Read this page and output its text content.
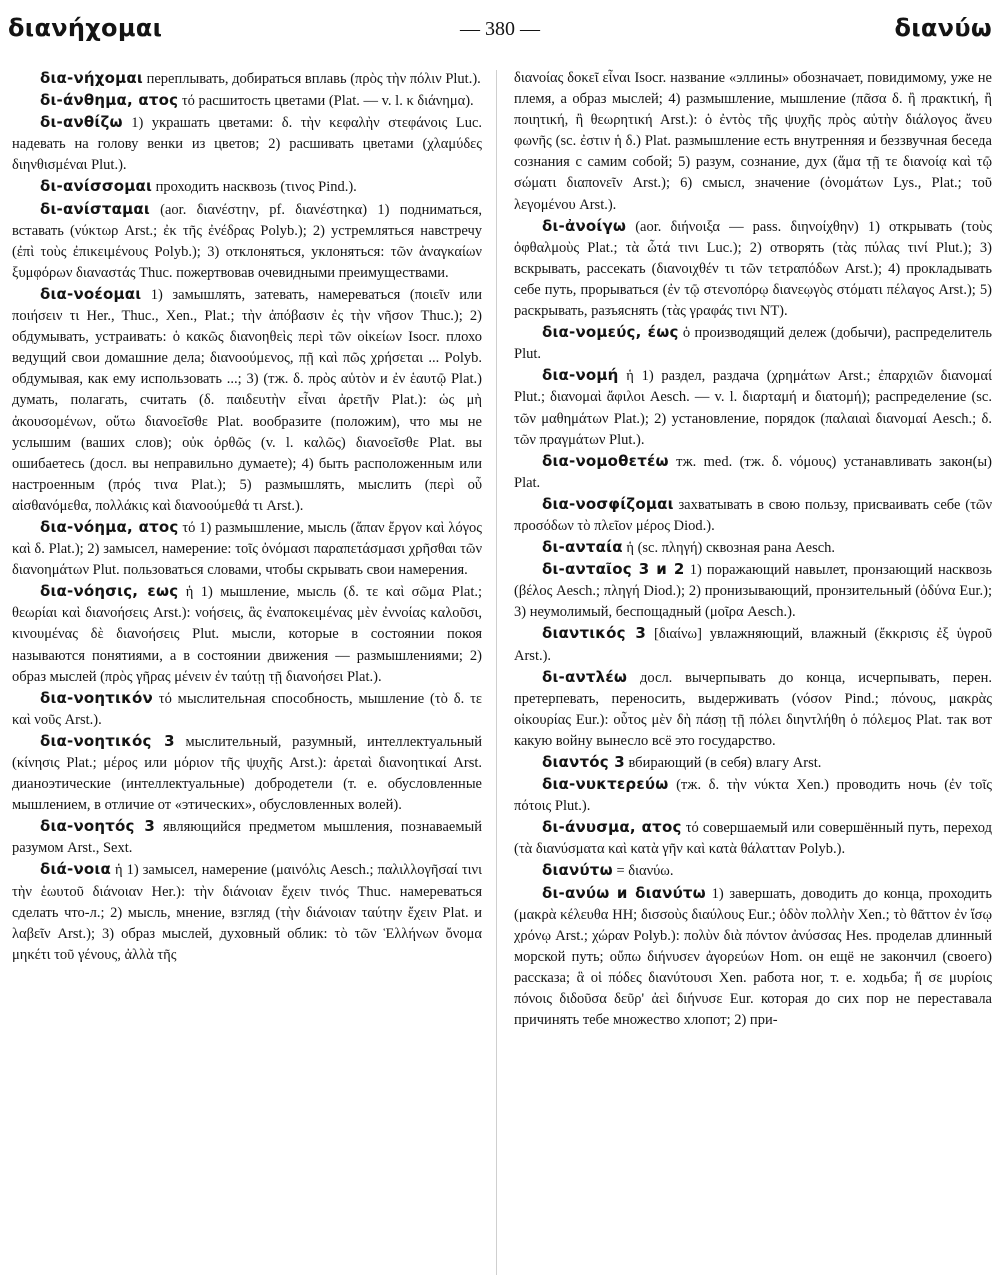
διανήχομαι	— 380 —	διανύω

δια-νήχομαι переплывать, добираться вплавь (πρὸς τὴν πόλιν Plut.).

δι-άνθημα, ατος τό расшитость цветами (Plat. — v. l. κ διάνημα).

δι-ανθίζω 1) украшать цветами: δ. τὴν κεφαλὴν στεφάνοις Luc. надевать на голову венки из цветов; 2) расшивать цветами (χλαμύδες διηνθισμέναι Plut.).

δι-ανίσσομαι проходить насквозь (τινος Pind.).

δι-ανίσταμαι (aor. διανέστην, pf. διανέστηκα) 1) подниматься, вставать (νύκτωρ Arst.; ἐκ τῆς ἐνέδρας Polyb.); 2) устремляться навстречу (ἐπὶ τοὺς ἐπικειμένους Polyb.); 3) отклоняться, уклоняться: τῶν ἀναγκαίων ξυμφόρων διαναστάς Thuc. пожертвовав очевидными преимуществами.

δια-νοέομαι 1) замышлять, затевать, намереваться (ποιεῖν или ποιήσειν τι Her., Thuc., Xen., Plat.; τὴν ἀπόβασιν ἐς τὴν νῆσον Thuc.); 2) обдумывать, устраивать: ὁ κακῶς διανοηθεὶς περὶ τῶν οἰκείων Isocr. плохо ведущий свои домашние дела; διανοούμενος, πῇ καὶ πῶς χρήσεται ... Polyb. обдумывая, как ему использовать ...; 3) (тж. δ. πρὸς αὑτὸν и ἐν ἑαυτῷ Plat.) думать, полагать, считать (δ. παιδευτὴν εἶναι ἀρετῆν Plat.): ὡς μὴ ἀκουσομένων, οὕτω διανοεῖσθε Plat. вообразите (положим), что мы не услышим (ваших слов); οὐκ ὀρθῶς (v. l. καλῶς) διανοεῖσθε Plat. вы ошибаетесь (досл. вы неправильно думаете); 4) быть расположенным или настроенным (πρός τινα Plat.); 5) размышлять, мыслить (περὶ οὗ αἰσθανόμεθα, πολλάκις καὶ διανοούμεθά τι Arst.).

δια-νόημα, ατος τό 1) размышление, мысль (ἅπαν ἔργον καὶ λόγος καὶ δ. Plat.); 2) замысел, намерение: τοῖς ὀνόμασι παραπετάσμασι χρῆσθαι τῶν διανοημάτων Plut. пользоваться словами, чтобы скрывать свои намерения.

δια-νόησις, εως ἡ 1) мышление, мысль (δ. τε καὶ σῶμα Plat.; θεωρίαι καὶ διανοήσεις Arst.): νοήσεις, ἃς ἐναποκειμένας μὲν ἐννοίας καλοῦσι, κινουμένας δὲ διανοήσεις Plut. мысли, которые в состоянии покоя называются понятиями, а в состоянии движения — размышлениями; 2) образ мыслей (πρὸς γῆρας μένειν ἐν ταύτῃ τῇ διανοήσει Plat.).

δια-νοητικόν τό мыслительная способность, мышление (τὸ δ. τε καὶ νοῦς Arst.).

δια-νοητικός 3 мыслительный, разумный, интеллектуальный (κίνησις Plat.; μέρος или μόριον τῆς ψυχῆς Arst.): ἀρεταὶ διανοητικαί Arst. дианоэтические (интеллектуальные) добродетели (т. е. обусловленные мышлением, в отличие от «этических», обусловленных волей).

δια-νοητός 3 являющийся предметом мышления, познаваемый разумом Arst., Sext.

διά-νοια ἡ 1) замысел, намерение (μαινόλις Aesch.; παλιλλογῆσαί τινι τὴν ἑωυτοῦ διάνοιαν Her.): τὴν διάνοιαν ἔχειν τινός Thuc. намереваться сделать что-л.; 2) мысль, мнение, взгляд (τὴν διάνοιαν ταύτην ἔχειν Plat. и λαβεῖν Arst.); 3) образ мыслей, духовный облик: τὸ τῶν Ἑλλήνων ὄνομα μηκέτι τοῦ γένους, ἀλλὰ τῆς

διανοίας δοκεῖ εἶναι Isocr. название «эллины» обозначает, повидимому, уже не племя, а образ мыслей; 4) размышление, мышление (πᾶσα δ. ἢ πρακτική, ἢ ποιητική, ἢ θεωρητική Arst.): ὁ ἐντὸς τῆς ψυχῆς πρὸς αὑτὴν διάλογος ἄνευ φωνῆς (sc. ἐστιν ἡ δ.) Plat. размышление есть внутренняя и беззвучная беседа сознания с самим собой; 5) разум, сознание, дух (ἅμα τῇ τε διανοίᾳ καὶ τῷ σώματι διαπονεῖν Arst.); 6) смысл, значение (ὀνομάτων Lys., Plat.; τοῦ λεγομένου Arst.).

δι-ἀνοίγω (aor. διήνοιξα — pass. διηνοίχθην) 1) открывать (τοὺς ὀφθαλμοὺς Plat.; τὰ ὦτά τινι Luc.); 2) отворять (τὰς πύλας τινί Plut.); 3) вскрывать, рассекать (διανοιχθέν τι τῶν τετραπόδων Arst.); 4) прокладывать себе путь, прорываться (ἐν τῷ στενοπόρῳ διανεῳγὸς στόματι πέλαγος Arst.); 5) раскрывать, разъяснять (τὰς γραφάς τινι NT).

δια-νομεύς, έως ὁ производящий дележ (добычи), распределитель Plut.

δια-νομή ἡ 1) раздел, раздача (χρημάτων Arst.; ἐπαρχιῶν διανομαί Plut.; διανομαὶ ἄφιλοι Aesch. — v. l. διαρταμή и διατομή); распределение (sc. τῶν μαθημάτων Plat.); 2) установление, порядок (παλαιαὶ διανομαί Aesch.; δ. τῶν πραγμάτων Plut.).

δια-νομοθετέω тж. med. (тж. δ. νόμους) устанавливать закон(ы) Plat.

δια-νοσφίζομαι захватывать в свою пользу, присваивать себе (τῶν προσόδων τὸ πλεῖον μέρος Diod.).

δι-ανταία ἡ (sc. πληγή) сквозная рана Aesch.

δι-ανταῖος 3 и 2 1) поражающий навылет, пронзающий насквозь (βέλος Aesch.; πληγή Diod.); 2) пронизывающий, пронзительный (ὀδύνα Eur.); 3) неумолимый, беспощадный (μοῖρα Aesch.).

διαντικός 3 [διαίνω] увлажняющий, влажный (ἔκκρισις ἐξ ὑγροῦ Arst.).

δι-αντλέω досл. вычерпывать до конца, исчерпывать, перен. претерпевать, переносить, выдерживать (νόσον Pind.; πόνους, μακρὰς οἰκουρίας Eur.): οὗτος μὲν δὴ πάσῃ τῇ πόλει διηντλήθη ὁ πόλεμος Plat. так вот какую войну вынесло всё это государство.

διαντός 3 вбирающий (в себя) влагу Arst.

δια-νυκτερεύω (тж. δ. τὴν νύκτα Xen.) проводить ночь (ἐν τοῖς πότοις Plut.).

δι-άνυσμα, ατος τό совершаемый или совершённый путь, переход (τὰ διανύσματα καὶ κατὰ γῆν καὶ κατὰ θάλατταν Polyb.).

διανύτω = διανύω.

δι-ανύω и διανύτω 1) завершать, доводить до конца, проходить (μακρὰ κέλευθα HH; δισσοὺς διαύλους Eur.; ὁδὸν πολλὴν Xen.; τὸ θᾶττον ἐν ἴσῳ χρόνῳ Arst.; χώραν Polyb.): πολὺν διὰ πόντον ἀνύσσας Hes. проделав длинный морской путь; οὔπω διήνυσεν ἀγορεύων Hom. он ещё не закончил (своего) рассказа; ἃ οἱ πόδες διανύτουσι Xen. работа ног, т. е. ходьба; ἥ σε μυρίοις πόνοις διδοῦσα δεῦρ' ἀεὶ διήνυσε Eur. которая до сих пор не переставала причинять тебе множество хлопот; 2) при-
